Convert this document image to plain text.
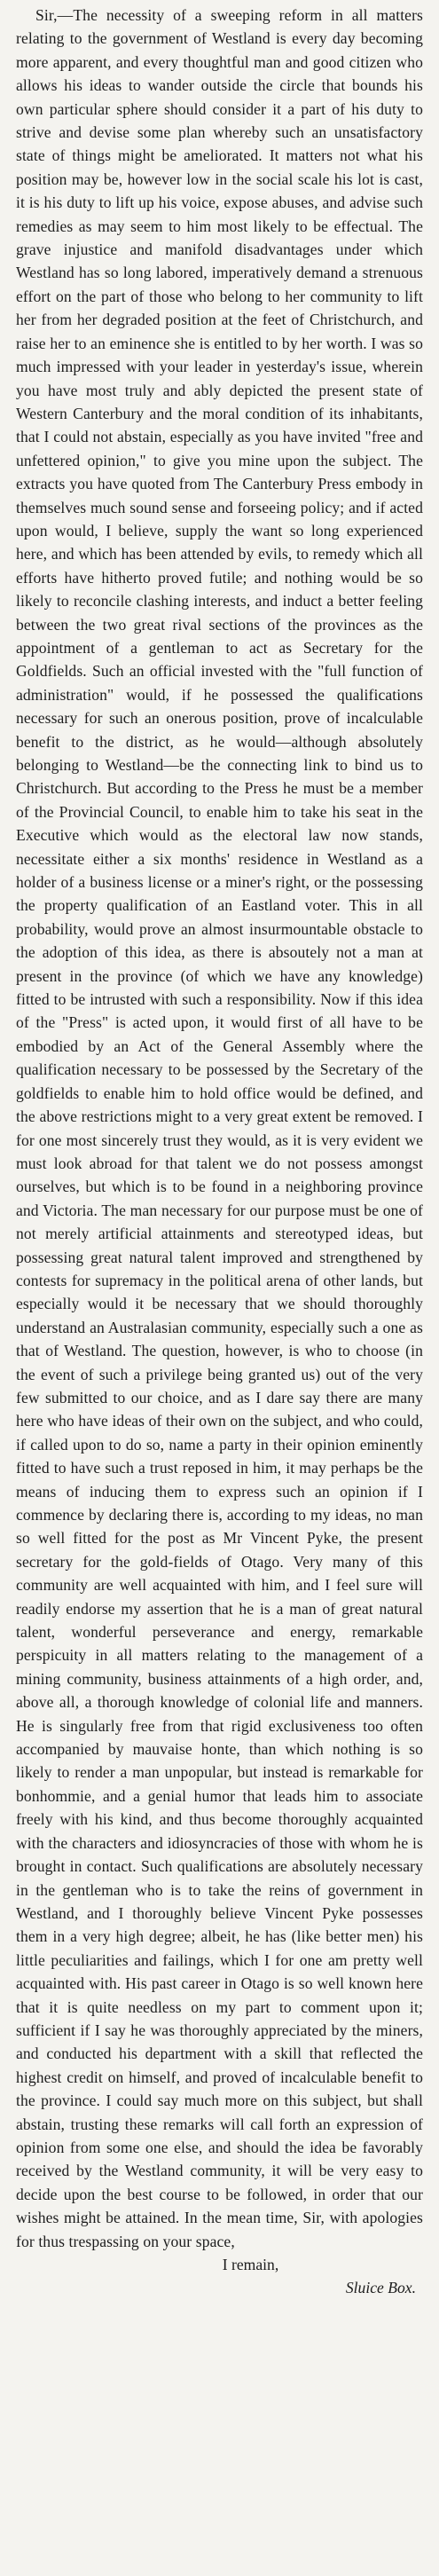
Sir,—The necessity of a sweeping reform in all matters relating to the government of Westland is every day becoming more apparent, and every thoughtful man and good citizen who allows his ideas to wander outside the circle that bounds his own particular sphere should consider it a part of his duty to strive and devise some plan whereby such an unsatisfactory state of things might be ameliorated. It matters not what his position may be, however low in the social scale his lot is cast, it is his duty to lift up his voice, expose abuses, and advise such remedies as may seem to him most likely to be effectual. The grave injustice and manifold disadvantages under which Westland has so long labored, imperatively demand a strenuous effort on the part of those who belong to her community to lift her from her degraded position at the feet of Christchurch, and raise her to an eminence she is entitled to by her worth. I was so much impressed with your leader in yesterday's issue, wherein you have most truly and ably depicted the present state of Western Canterbury and the moral condition of its inhabitants, that I could not abstain, especially as you have invited "free and unfettered opinion," to give you mine upon the subject. The extracts you have quoted from The Canterbury Press embody in themselves much sound sense and forseeing policy; and if acted upon would, I believe, supply the want so long experienced here, and which has been attended by evils, to remedy which all efforts have hitherto proved futile; and nothing would be so likely to reconcile clashing interests, and induct a better feeling between the two great rival sections of the provinces as the appointment of a gentleman to act as Secretary for the Goldfields. Such an official invested with the "full function of administration" would, if he possessed the qualifications necessary for such an onerous position, prove of incalculable benefit to the district, as he would—although absolutely belonging to Westland—be the connecting link to bind us to Christchurch. But according to the Press he must be a member of the Provincial Council, to enable him to take his seat in the Executive which would as the electoral law now stands, necessitate either a six months' residence in Westland as a holder of a business license or a miner's right, or the possessing the property qualification of an Eastland voter. This in all probability, would prove an almost insurmountable obstacle to the adoption of this idea, as there is absoutely not a man at present in the province (of which we have any knowledge) fitted to be intrusted with such a responsibility. Now if this idea of the "Press" is acted upon, it would first of all have to be embodied by an Act of the General Assembly where the qualification necessary to be possessed by the Secretary of the goldfields to enable him to hold office would be defined, and the above restrictions might to a very great extent be removed. I for one most sincerely trust they would, as it is very evident we must look abroad for that talent we do not possess amongst ourselves, but which is to be found in a neighboring province and Victoria. The man necessary for our purpose must be one of not merely artificial attainments and stereotyped ideas, but possessing great natural talent improved and strengthened by contests for supremacy in the political arena of other lands, but especially would it be necessary that we should thoroughly understand an Australasian community, especially such a one as that of Westland. The question, however, is who to choose (in the event of such a privilege being granted us) out of the very few submitted to our choice, and as I dare say there are many here who have ideas of their own on the subject, and who could, if called upon to do so, name a party in their opinion eminently fitted to have such a trust reposed in him, it may perhaps be the means of inducing them to express such an opinion if I commence by declaring there is, according to my ideas, no man so well fitted for the post as Mr Vincent Pyke, the present secretary for the gold-fields of Otago. Very many of this community are well acquainted with him, and I feel sure will readily endorse my assertion that he is a man of great natural talent, wonderful perseverance and energy, remarkable perspicuity in all matters relating to the management of a mining community, business attainments of a high order, and, above all, a thorough knowledge of colonial life and manners. He is singularly free from that rigid exclusiveness too often accompanied by mauvaise honte, than which nothing is so likely to render a man unpopular, but instead is remarkable for bonhommie, and a genial humor that leads him to associate freely with his kind, and thus become thoroughly acquainted with the characters and idiosyncracies of those with whom he is brought in contact. Such qualifications are absolutely necessary in the gentleman who is to take the reins of government in Westland, and I thoroughly believe Vincent Pyke possesses them in a very high degree; albeit, he has (like better men) his little peculiarities and failings, which I for one am pretty well acquainted with. His past career in Otago is so well known here that it is quite needless on my part to comment upon it; sufficient if I say he was thoroughly appreciated by the miners, and conducted his department with a skill that reflected the highest credit on himself, and proved of incalculable benefit to the province. I could say much more on this subject, but shall abstain, trusting these remarks will call forth an expression of opinion from some one else, and should the idea be favorably received by the Westland community, it will be very easy to decide upon the best course to be followed, in order that our wishes might be attained. In the mean time, Sir, with apologies for thus trespassing on your space,

I remain,

Sluice Box.
